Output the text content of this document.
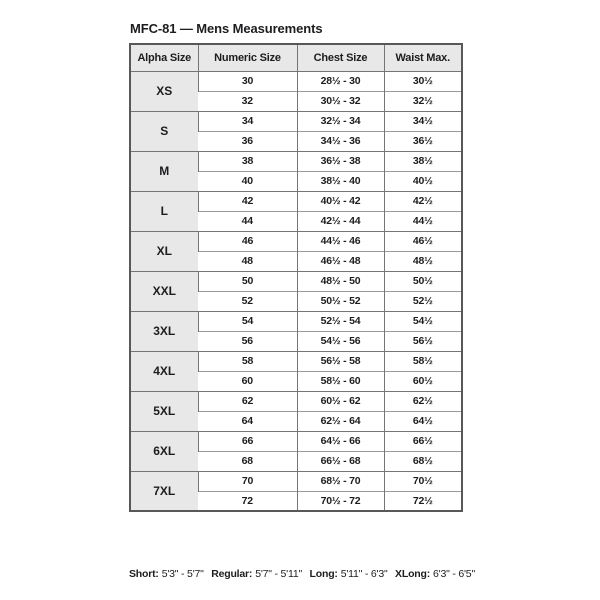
MFC-81 — Mens Measurements
Alpha Size	Numeric Size	Chest Size	Waist Max.
XS	30	28½ - 30	30½
	32	30½ - 32	32½
S	34	32½ - 34	34½
	36	34½ - 36	36½
M	38	36½ - 38	38½
	40	38½ - 40	40½
L	42	40½ - 42	42½
	44	42½ - 44	44½
XL	46	44½ - 46	46½
	48	46½ - 48	48½
XXL	50	48½ - 50	50½
	52	50½ - 52	52½
3XL	54	52½ - 54	54½
	56	54½ - 56	56½
4XL	58	56½ - 58	58½
	60	58½ - 60	60½
5XL	62	60½ - 62	62½
	64	62½ - 64	64½
6XL	66	64½ - 66	66½
	68	66½ - 68	68½
7XL	70	68½ - 70	70½
	72	70½ - 72	72½
Short: 5'3" - 5'7" Regular: 5'7" - 5'11" Long: 5'11" - 6'3" XLong: 6'3" - 6'5"
